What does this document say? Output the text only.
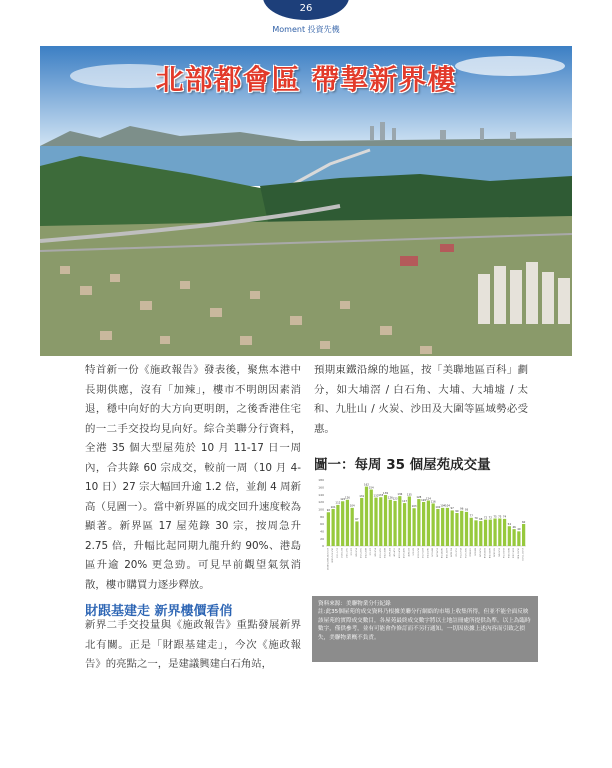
26
Moment 投資先機
北部都會區 帶挈新界樓
特首新一份《施政報告》發表後，聚焦本港中長期供應，沒有「加辣」，樓市不明朗因素消退，穩中向好的大方向更明朗，之後香港住宅的一二手交投均見向好。綜合美聯分行資料，全港 35 個大型屋苑於 10 月 11-17 日一周內，合共錄 60 宗成交，較前一周（10 月 4-10 日）27 宗大幅回升逾 1.2 倍，並創 4 周新高（見圖一）。當中新界區的成交回升速度較為顯著。新界區 17 屋苑錄 30 宗，按周急升 2.75 倍，升幅比起同期九龍升約 90%、港島區升逾 20% 更急勁。可見早前觀望氣氛消散，樓市購買力逐步釋放。
預期東鐵沿線的地區，按「美聯地區百科」劃分，如大埔滘 / 白石角、大埔、大埔墟 / 太和、九肚山 / 火炭、沙田及大圍等區域勢必受惠。
財跟基建走 新界樓價看俏
新界二手交投量與《施政報告》重點發展新界北有關。正是「財跟基建走」，今次《施政報告》的亮點之一，是建議興建白石角站，
圖一：每周 35 個屋苑成交量
0
20
40
60
80
100
120
140
160
180
92
2020/12/28-2021/1/3
101
2021/1/4-1/10
112
1/11-1/17
122
1/18-1/24
126
1/25-1/31
104
2/1-2/7
67
2/8-2/14
131
2/15-2/21
162
2/22-2/28
154
3/1-3/7
132
3/8-3/14
133
3/15-3/21
139
3/22-3/28
126
3/29-4/4
123
4/5-4/11
136
4/12-4/18
117
4/19-4/25
135
4/26-5/2
103
5/3-5/9
128
5/10-5/16
120
5/17-5/23
124
5/24-5/30
116
5/31-6/6
101
6/7-6/13
104
6/14-6/20
104
6/21-6/27
97
6/28-7/4
90
7/5-7/11
96
7/12-7/18
93
7/19-7/25
77
7/26-8/1
70
8/2-8/8
68
8/9-8/15
72
8/16-8/22
72
8/23-8/29
75
8/30-9/5
75
9/6-9/12
74
9/13-9/19
54
9/20-9/26
46
9/27-10/3
40
10/4-10/10
60
10/11-10/17
資料來源：美聯物業分行紀錄
註:此35個屋苑的成交資料乃根據美聯分行網絡的市場上收集所得，但並不能全面反映該屋苑的實際成交數目，各屋苑最終成交數字將以土地註冊處所提供為準。以上為臨時數字，僅供參考，並有可能會作修訂而不另行通知。一切因依據上述內容而引致之損失，美聯物業概不負責。
